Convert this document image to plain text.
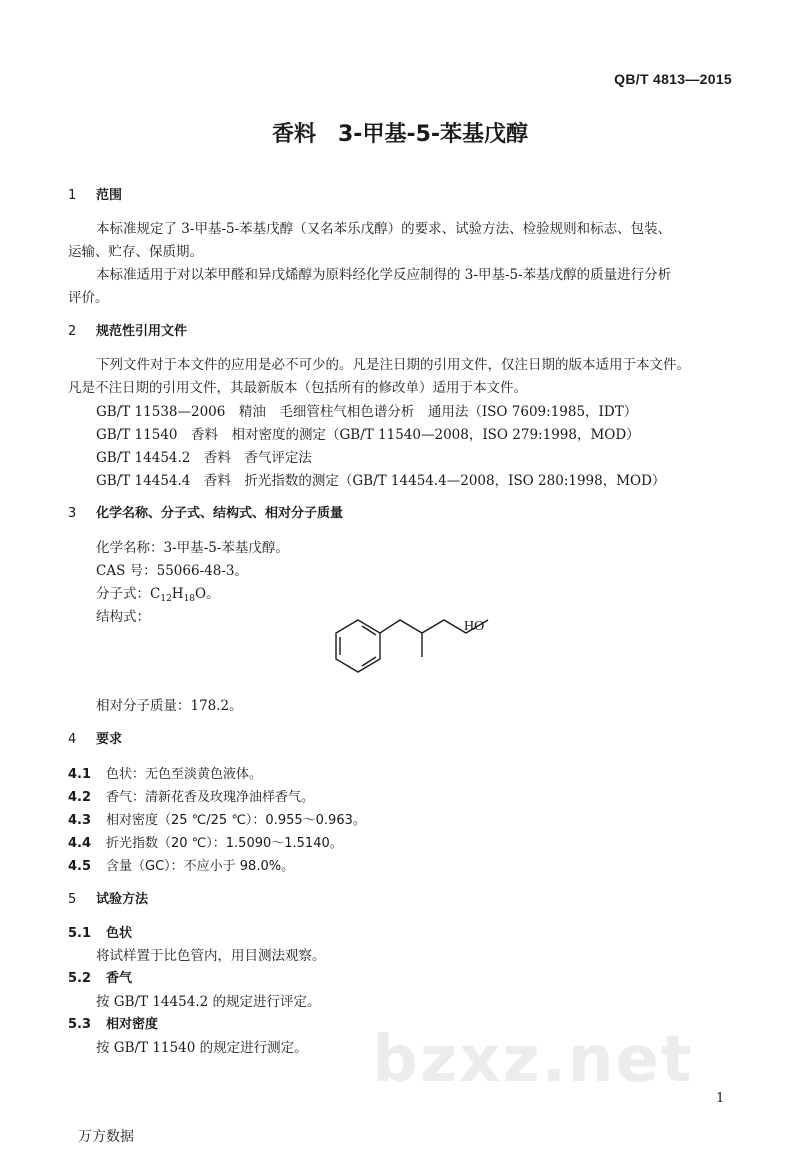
QB/T 4813—2015
香料 3-甲基-5-苯基戊醇
1 范围
本标准规定了 3-甲基-5-苯基戊醇（又名苯乐戊醇）的要求、试验方法、检验规则和标志、包装、
运输、贮存、保质期。
本标准适用于对以苯甲醛和异戊烯醇为原料经化学反应制得的 3-甲基-5-苯基戊醇的质量进行分析
评价。
2 规范性引用文件
下列文件对于本文件的应用是必不可少的。凡是注日期的引用文件，仅注日期的版本适用于本文件。
凡是不注日期的引用文件，其最新版本（包括所有的修改单）适用于本文件。
GB/T 11538—2006　精油　毛细管柱气相色谱分析　通用法（ISO 7609:1985，IDT）
GB/T 11540　香料　相对密度的测定（GB/T 11540—2008，ISO 279:1998，MOD）
GB/T 14454.2　香料　香气评定法
GB/T 14454.4　香料　折光指数的测定（GB/T 14454.4—2008，ISO 280:1998，MOD）
3 化学名称、分子式、结构式、相对分子质量
化学名称：3-甲基-5-苯基戊醇。
CAS 号：55066-48-3。
分子式：$C_{12}H_{18}O$。
结构式：
HO
相对分子质量：178.2。
4 要求
4.1 色状：无色至淡黄色液体。
4.2 香气：清新花香及玫瑰净油样香气。
4.3 相对密度（25 ℃/25 ℃）：0.955～0.963。
4.4 折光指数（20 ℃）：1.5090～1.5140。
4.5 含量（GC）：不应小于 98.0%。
5 试验方法
5.1 色状
将试样置于比色管内，用目测法观察。
5.2 香气
按 GB/T 14454.2 的规定进行评定。
5.3 相对密度
按 GB/T 11540 的规定进行测定。 bzxz.net
1
万方数据
